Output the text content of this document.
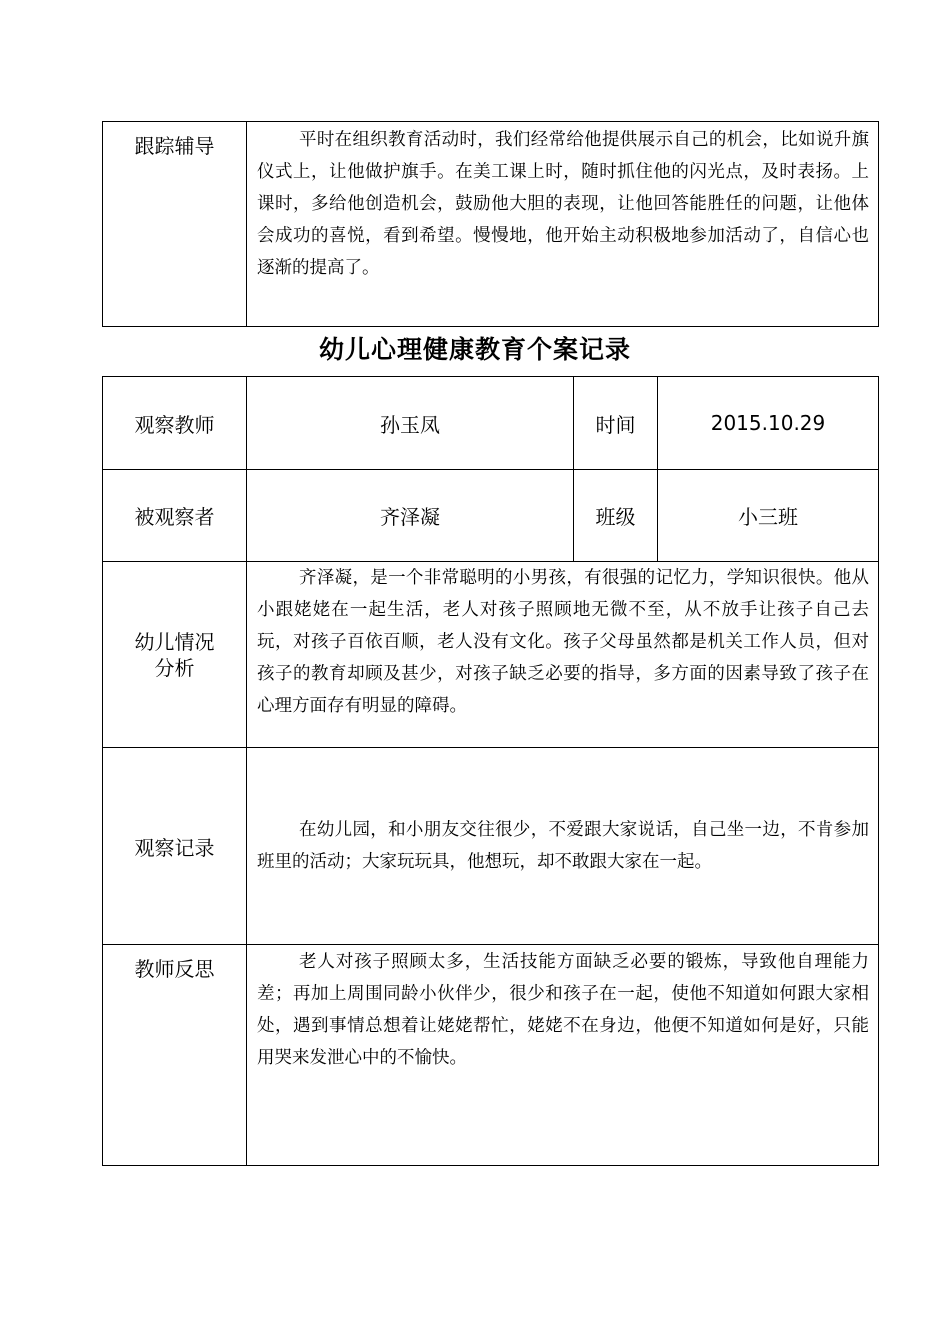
跟踪辅导	平时在组织教育活动时，我们经常给他提供展示自己的机会，比如说升旗仪式上，让他做护旗手。在美工课上时，随时抓住他的闪光点，及时表扬。上课时，多给他创造机会，鼓励他大胆的表现，让他回答能胜任的问题，让他体会成功的喜悦，看到希望。慢慢地，他开始主动积极地参加活动了，自信心也逐渐的提高了。

幼儿心理健康教育个案记录
观察教师	孙玉凤	时间	2015.10.29
被观察者	齐泽凝	班级	小三班

幼儿情况
分析	齐泽凝，是一个非常聪明的小男孩，有很强的记忆力，学知识很快。他从小跟姥姥在一起生活，老人对孩子照顾地无微不至，从不放手让孩子自己去玩，对孩子百依百顺，老人没有文化。孩子父母虽然都是机关工作人员，但对孩子的教育却顾及甚少，对孩子缺乏必要的指导，多方面的因素导致了孩子在心理方面存有明显的障碍。		

观察记录	在幼儿园，和小朋友交往很少，不爱跟大家说话，自己坐一边，不肯参加班里的活动；大家玩玩具，他想玩，却不敢跟大家在一起。		

教师反思	老人对孩子照顾太多，生活技能方面缺乏必要的锻炼，导致他自理能力差；再加上周围同龄小伙伴少，很少和孩子在一起，使他不知道如何跟大家相处，遇到事情总想着让姥姥帮忙，姥姥不在身边，他便不知道如何是好，只能用哭来发泄心中的不愉快。		
